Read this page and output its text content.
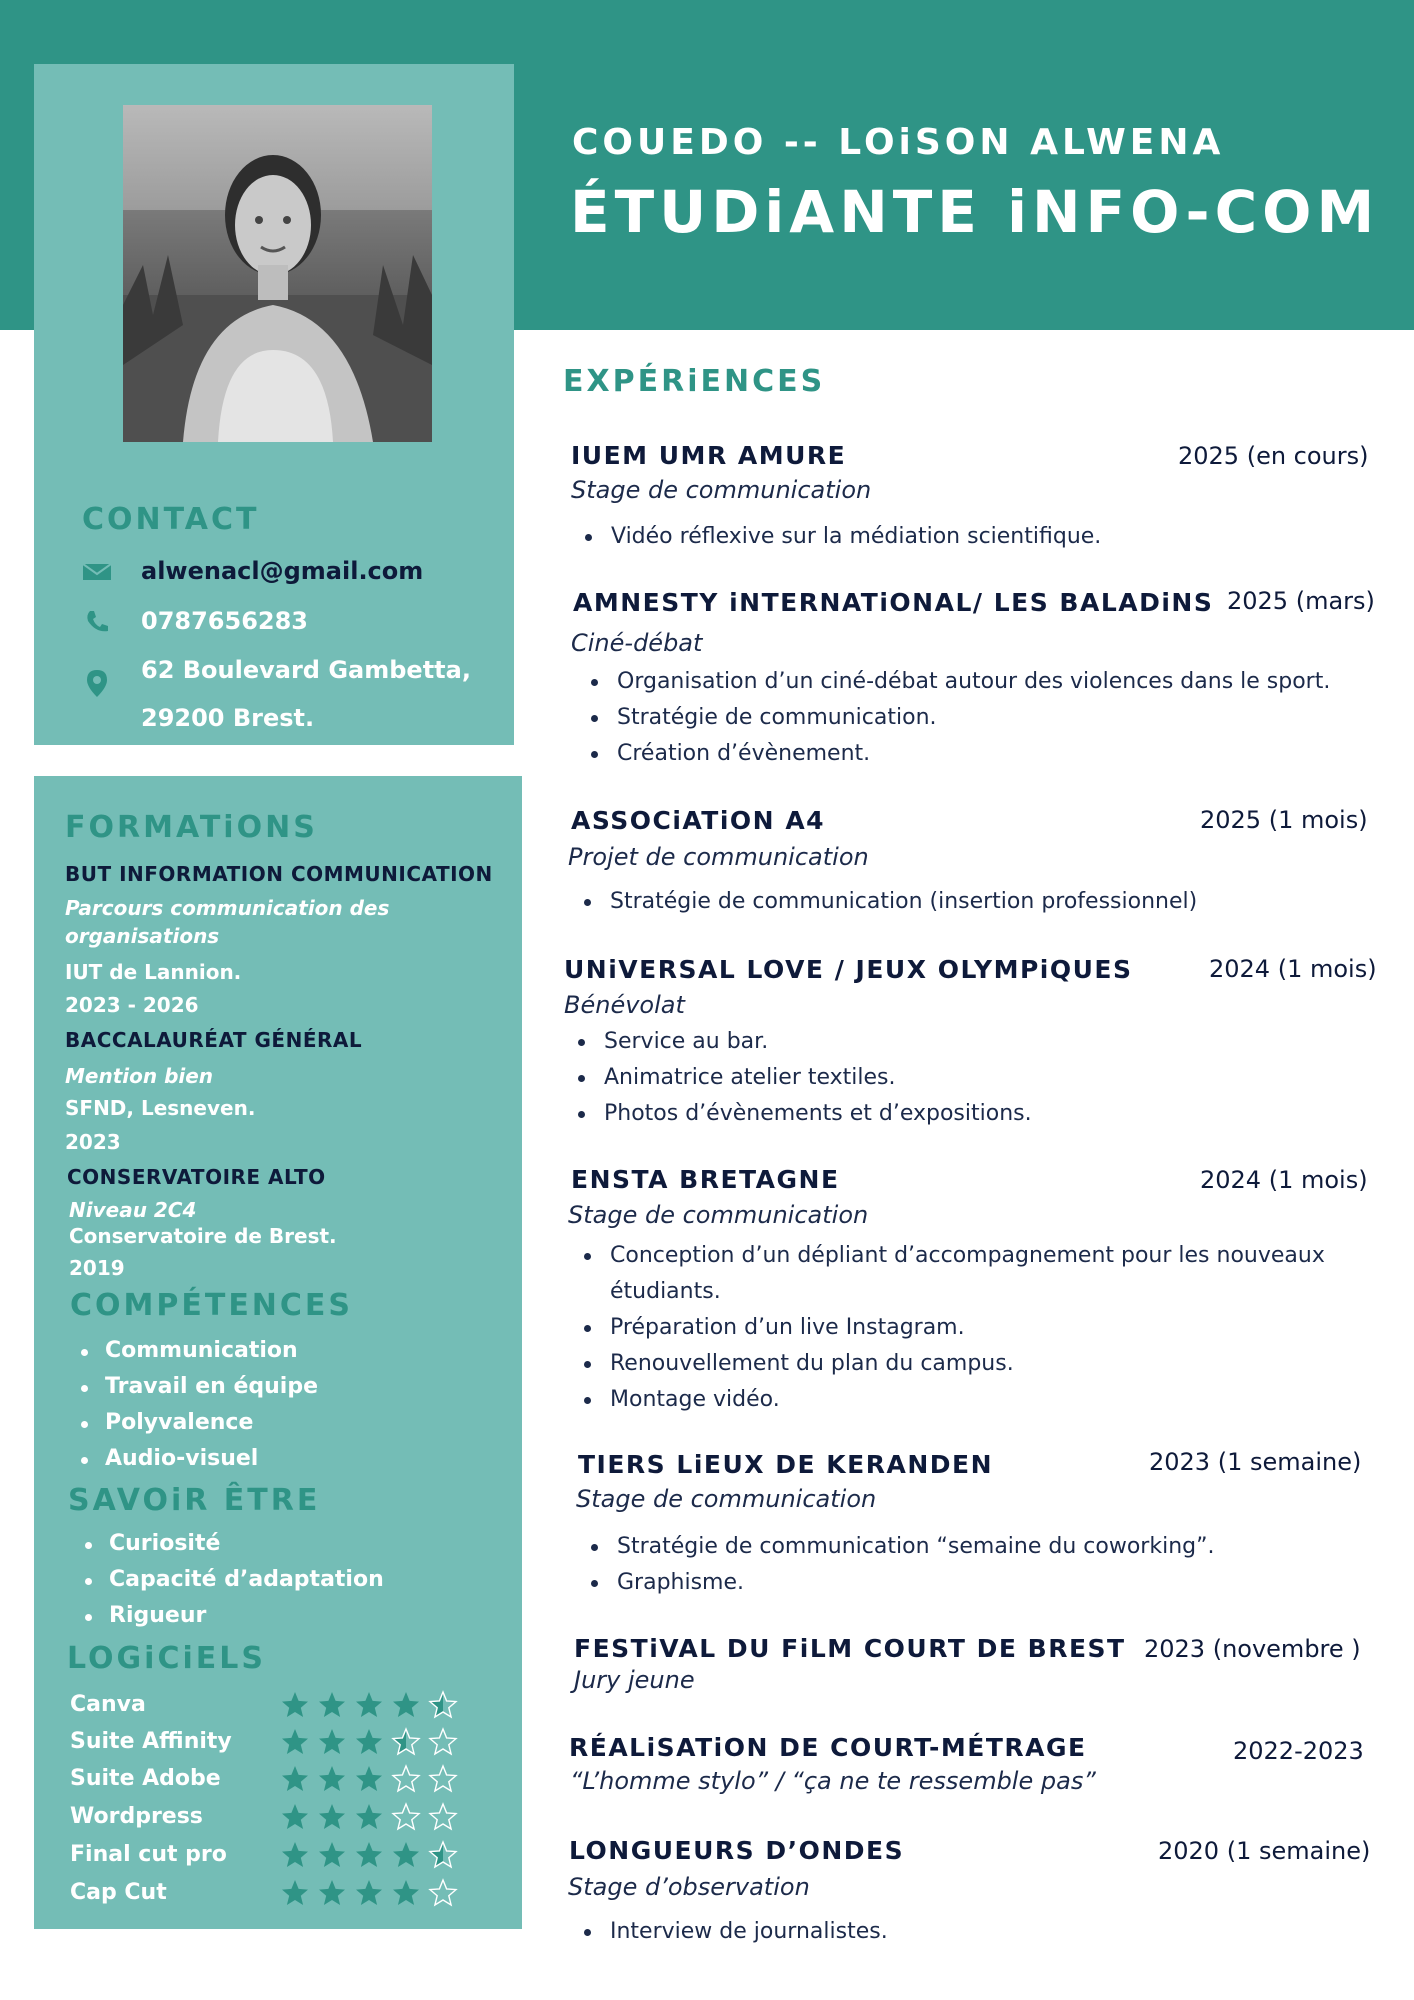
COUEDO -- LOiSON ALWENA
ÉTUDiANTE iNFO-COM
CONTACT
alwenacl@gmail.com
0787656283
62 Boulevard Gambetta,
29200 Brest.
FORMATiONS
BUT INFORMATION COMMUNICATION
Parcours communication des
organisations
IUT de Lannion.
2023 - 2026
BACCALAURÉAT GÉNÉRAL
Mention bien
SFND, Lesneven.
2023
CONSERVATOIRE ALTO
Niveau 2C4
Conservatoire de Brest.
2019
COMPÉTENCES
Communication
Travail en équipe
Polyvalence
Audio-visuel
SAVOiR ÊTRE
Curiosité
Capacité d’adaptation
Rigueur
LOGiCiELS
Canva
Suite Affinity
Suite Adobe
Wordpress
Final cut pro
Cap Cut
EXPÉRiENCES
IUEM UMR AMURE	2025 (en cours)
Stage de communication
Vidéo réflexive sur la médiation scientifique.
AMNESTY iNTERNATiONAL/ LES BALADiNS 2025 (mars)
Ciné-débat
Organisation d’un ciné-débat autour des violences dans le sport.
Stratégie de communication.
Création d’évènement.
ASSOCiATiON A4	2025 (1 mois)
Projet de communication
Stratégie de communication (insertion professionnel)
UNiVERSAL LOVE / JEUX OLYMPiQUES	2024 (1 mois)
Bénévolat
Service au bar.
Animatrice atelier textiles.
Photos d’évènements et d’expositions.
ENSTA BRETAGNE	2024 (1 mois)
Stage de communication
Conception d’un dépliant d’accompagnement pour les nouveaux étudiants.
Préparation d’un live Instagram.
Renouvellement du plan du campus.
Montage vidéo.
TIERS LiEUX DE KERANDEN	2023 (1 semaine)
Stage de communication
Stratégie de communication “semaine du coworking”.
Graphisme.
FESTiVAL DU FiLM COURT DE BREST 2023 (novembre )
Jury jeune
RÉALiSATiON DE COURT-MÉTRAGE	2022-2023
“L’homme stylo” / “ça ne te ressemble pas”
LONGUEURS D’ONDES	2020 (1 semaine)
Stage d’observation
Interview de journalistes.
